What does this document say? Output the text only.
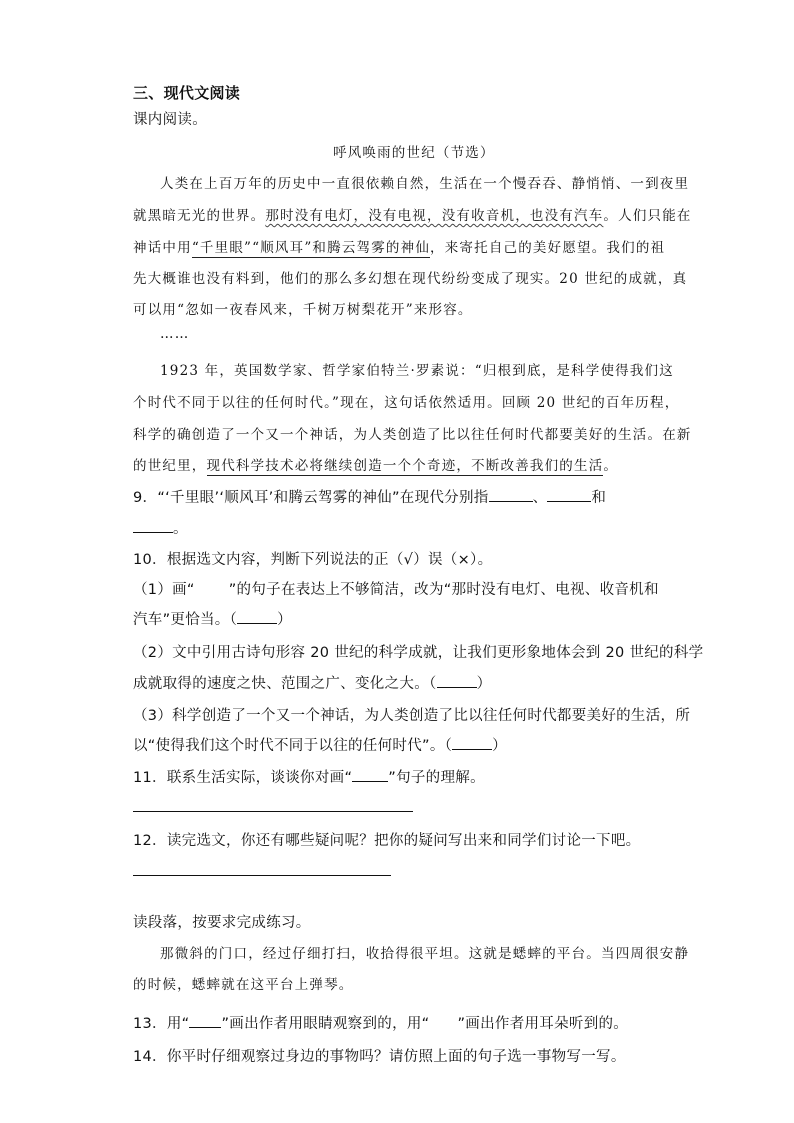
三、现代文阅读
课内阅读。
呼风唤雨的世纪（节选）
人类在上百万年的历史中一直很依赖自然，生活在一个慢吞吞、静悄悄、一到夜里
就黑暗无光的世界。那时没有电灯，没有电视，没有收音机，也没有汽车。人们只能在
神话中用“千里眼”“顺风耳”和腾云驾雾的神仙，来寄托自己的美好愿望。我们的祖
先大概谁也没有料到，他们的那么多幻想在现代纷纷变成了现实。20 世纪的成就，真
可以用“忽如一夜春风来，千树万树梨花开”来形容。
……
1923 年，英国数学家、哲学家伯特兰·罗素说：“归根到底，是科学使得我们这
个时代不同于以往的任何时代。”现在，这句话依然适用。回顾 20 世纪的百年历程，
科学的确创造了一个又一个神话，为人类创造了比以往任何时代都要美好的生活。在新
的世纪里，现代科学技术必将继续创造一个个奇迹，不断改善我们的生活。
9．“‘千里眼’‘顺风耳’和腾云驾雾的神仙”在现代分别指	、	和
。
10．根据选文内容，判断下列说法的正（√）误（×）。
（1）画“ ”的句子在表达上不够简洁，改为“那时没有电灯、电视、收音机和
汽车”更恰当。（	）
（2）文中引用古诗句形容 20 世纪的科学成就，让我们更形象地体会到 20 世纪的科学
成就取得的速度之快、范围之广、变化之大。（	）
（3）科学创造了一个又一个神话，为人类创造了比以往任何时代都要美好的生活，所
以“使得我们这个时代不同于以往的任何时代”。（	）
11．联系生活实际，谈谈你对画“ ”句子的理解。
12．读完选文，你还有哪些疑问呢？把你的疑问写出来和同学们讨论一下吧。
读段落，按要求完成练习。
那微斜的门口，经过仔细打扫，收拾得很平坦。这就是蟋蟀的平台。当四周很安静
的时候，蟋蟀就在这平台上弹琴。
13．用“ ”画出作者用眼睛观察到的，用“ ”画出作者用耳朵听到的。
14．你平时仔细观察过身边的事物吗？请仿照上面的句子选一事物写一写。
